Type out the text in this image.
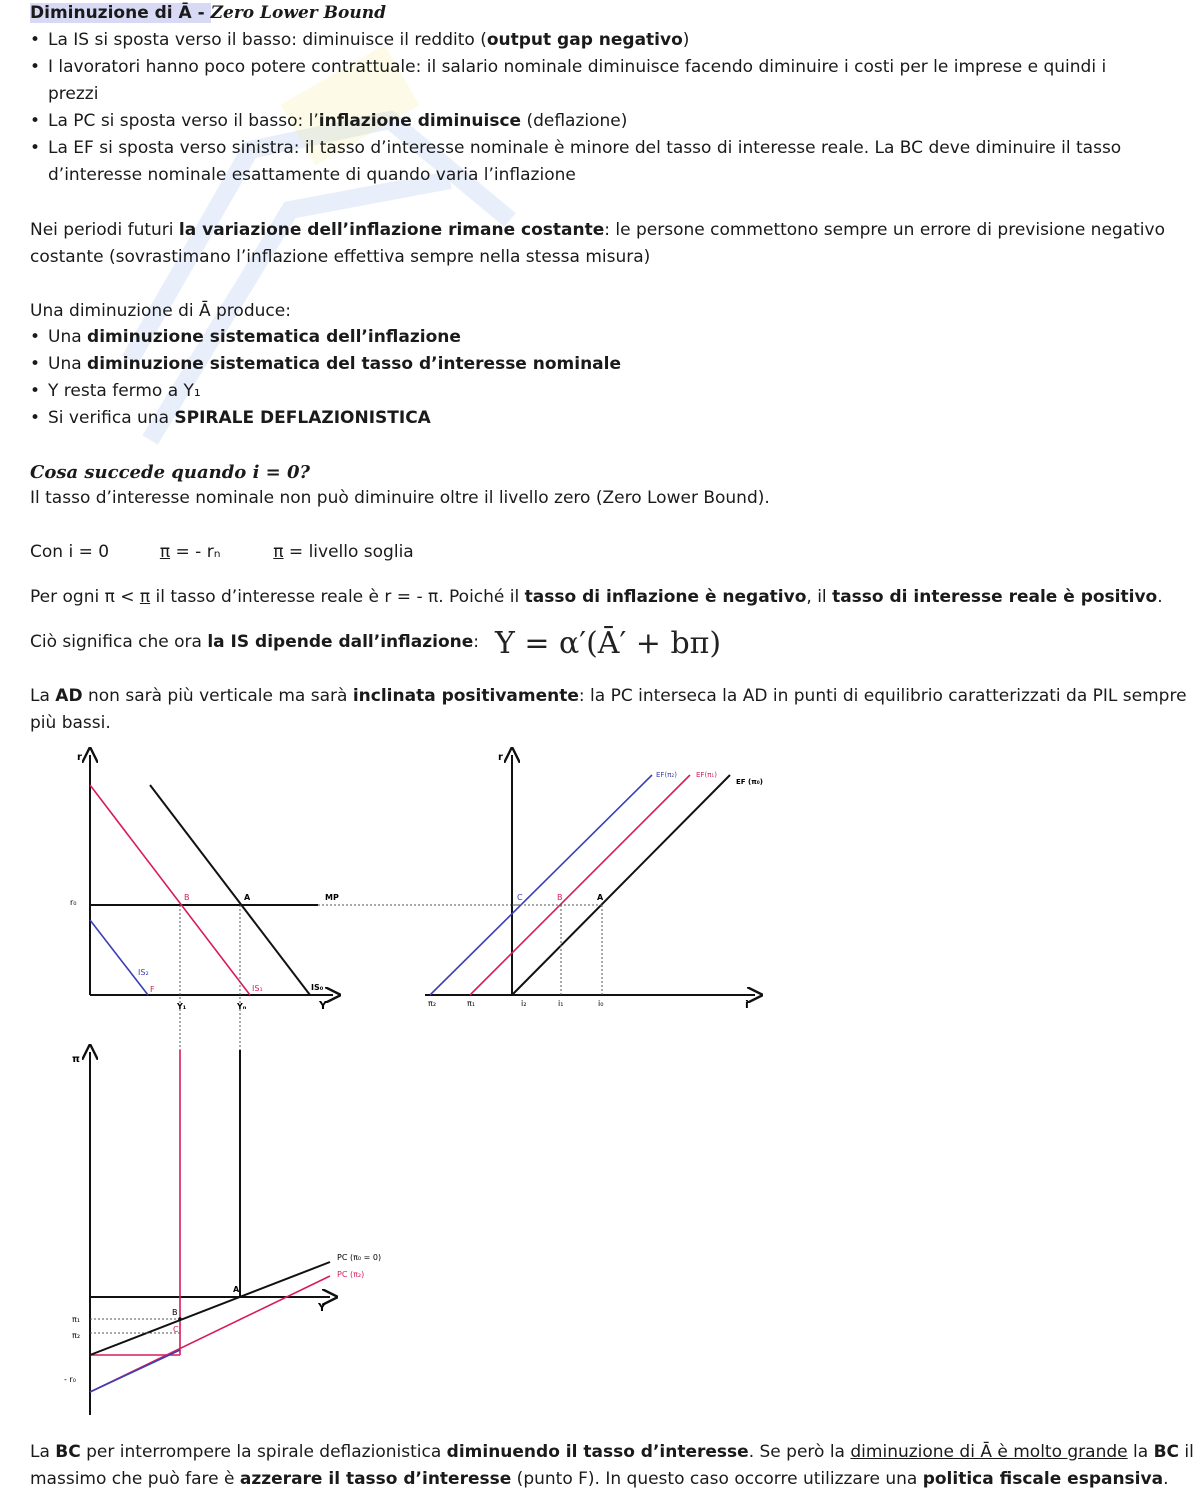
Diminuzione di Ā - Zero Lower Bound
La IS si sposta verso il basso: diminuisce il reddito (output gap negativo)
I lavoratori hanno poco potere contrattuale: il salario nominale diminuisce facendo diminuire i costi per le imprese e quindi i
prezzi
La PC si sposta verso il basso: l’inflazione diminuisce (deflazione)
La EF si sposta verso sinistra: il tasso d’interesse nominale è minore del tasso di interesse reale. La BC deve diminuire il tasso
d’interesse nominale esattamente di quando varia l’inflazione
Nei periodi futuri la variazione dell’inflazione rimane costante: le persone commettono sempre un errore di previsione negativo
costante (sovrastimano l’inflazione effettiva sempre nella stessa misura)
Una diminuzione di Ā produce:
Una diminuzione sistematica dell’inflazione
Una diminuzione sistematica del tasso d’interesse nominale
Y resta fermo a Y₁
Si verifica una SPIRALE DEFLAZIONISTICA
Cosa succede quando i = 0?
Il tasso d’interesse nominale non può diminuire oltre il livello zero (Zero Lower Bound).
Con i = 0	π = - rₙ	π = livello soglia
Per ogni π < π il tasso d’interesse reale è r = - π. Poiché il tasso di inflazione è negativo, il tasso di interesse reale è positivo.
Ciò significa che ora la IS dipende dall’inflazione: Y = α′(Ā′ + bπ)
La AD non sarà più verticale ma sarà inclinata positivamente: la PC interseca la AD in punti di equilibrio caratterizzati da PIL sempre
più bassi.
La BC per interrompere la spirale deflazionistica diminuendo il tasso d’interesse. Se però la diminuzione di Ā è molto grande la BC il
massimo che può fare è azzerare il tasso d’interesse (punto F). In questo caso occorre utilizzare una politica fiscale espansiva.
r
Y
MP
r₀
IS₀
IS₁
IS₂
A
B
F
Y₁	Yₙ
r
i
EF (π₀)
EF(π₁)
EF(π₂)
C	B	A
π₂	π₁	i₂	i₁	i₀
π
Y
PC (π₀ = 0)
PC (π₂)
A
B
C
π₁
π₂
- r₀
